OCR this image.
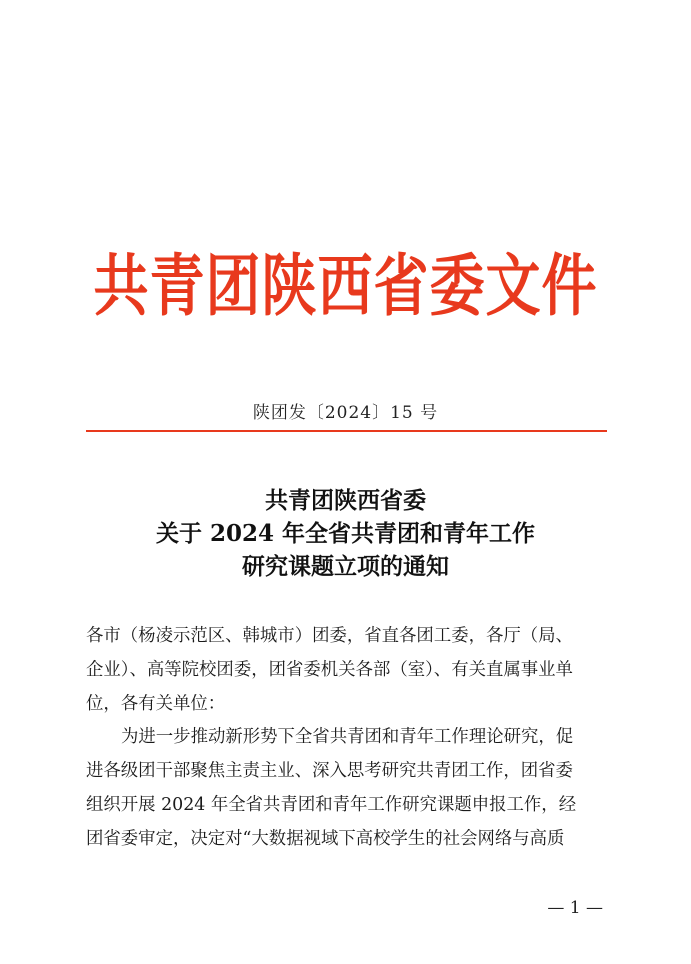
共青团陕西省委文件
陕团发〔2024〕15 号
共青团陕西省委
关于 2024 年全省共青团和青年工作
研究课题立项的通知
各市（杨凌示范区、韩城市）团委，省直各团工委，各厅（局、
企业）、高等院校团委，团省委机关各部（室）、有关直属事业单
位，各有关单位：
为进一步推动新形势下全省共青团和青年工作理论研究，促
进各级团干部聚焦主责主业、深入思考研究共青团工作，团省委
组织开展 2024 年全省共青团和青年工作研究课题申报工作，经
团省委审定，决定对“大数据视域下高校学生的社会网络与高质
— 1 —
